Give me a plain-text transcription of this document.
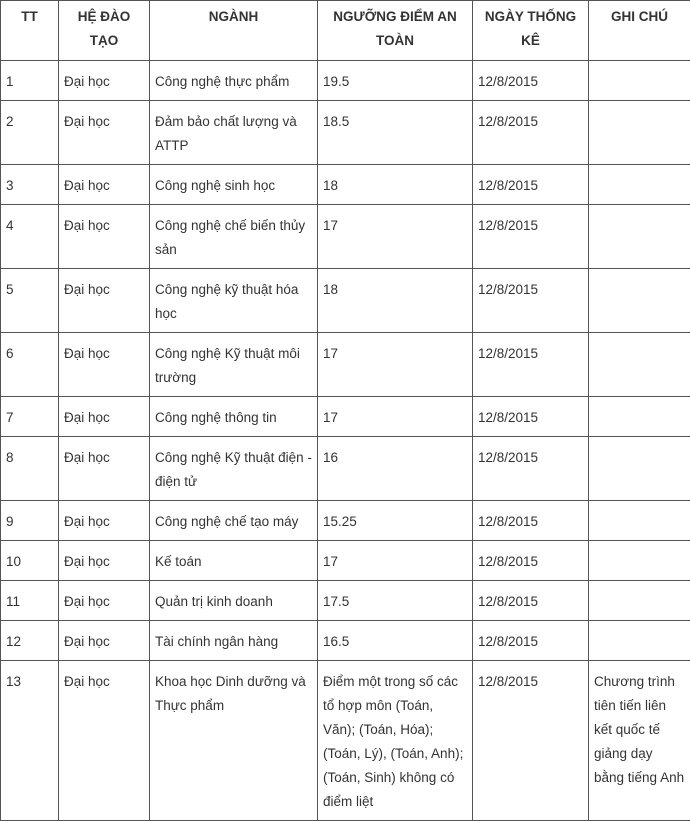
TT	HỆ ĐÀO TẠO	NGÀNH	NGƯỠNG ĐIỂM AN TOÀN	NGÀY THỐNG KÊ	GHI CHÚ
1	Đại học	Công nghệ thực phẩm	19.5	12/8/2015	
2	Đại học	Đảm bảo chất lượng và ATTP	18.5	12/8/2015	
3	Đại học	Công nghệ sinh học	18	12/8/2015	
4	Đại học	Công nghệ chế biến thủy sản	17	12/8/2015	
5	Đại học	Công nghệ kỹ thuật hóa học	18	12/8/2015	
6	Đại học	Công nghệ Kỹ thuật môi trường	17	12/8/2015	
7	Đại học	Công nghệ thông tin	17	12/8/2015	
8	Đại học	Công nghệ Kỹ thuật điện - điện tử	16	12/8/2015	
9	Đại học	Công nghệ chế tạo máy	15.25	12/8/2015	
10	Đại học	Kế toán	17	12/8/2015	
11	Đại học	Quản trị kinh doanh	17.5	12/8/2015	
12	Đại học	Tài chính ngân hàng	16.5	12/8/2015	
13	Đại học	Khoa học Dinh dưỡng và Thực phẩm	Điểm một trong số các tổ hợp môn (Toán, Văn); (Toán, Hóa); (Toán, Lý), (Toán, Anh); (Toán, Sinh) không có điểm liệt	12/8/2015	Chương trình tiên tiến liên kết quốc tế giảng dạy bằng tiếng Anh
